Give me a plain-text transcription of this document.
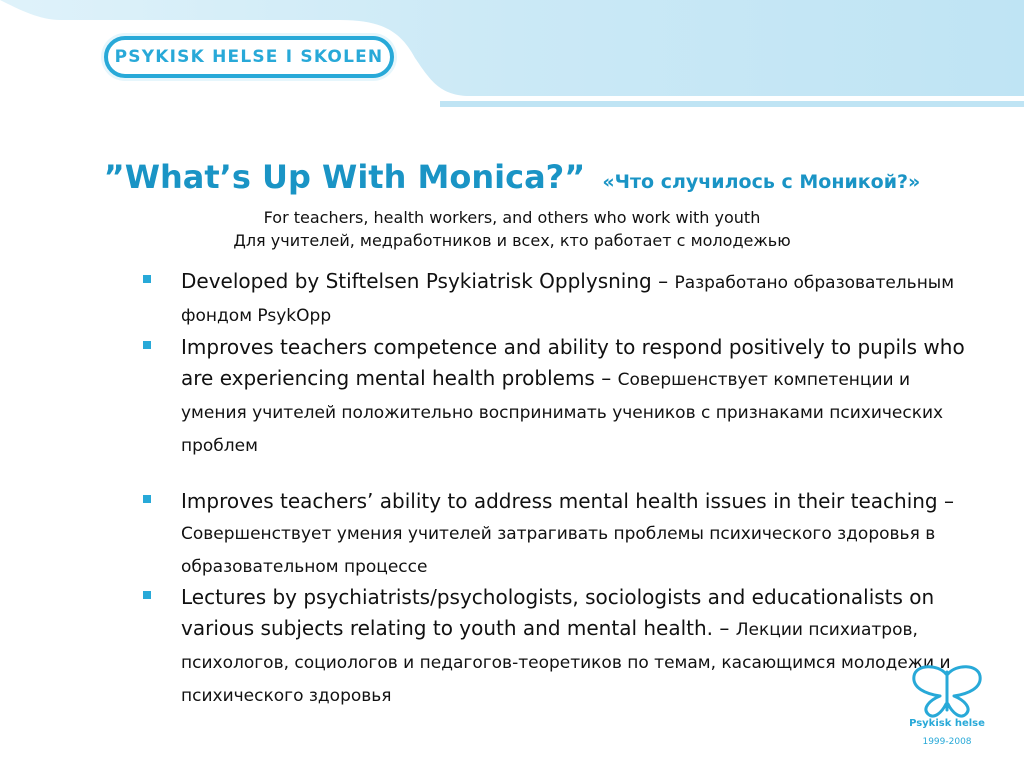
PSYKISK HELSE I SKOLEN
”What’s Up With Monica?” «Что случилось с Моникой?»
For teachers, health workers, and others who work with youth
Для учителей, медработников и всех, кто работает с молодежью
Developed by Stiftelsen Psykiatrisk Opplysning – Разработано образовательным фондом PsykOpp
Improves teachers competence and ability to respond positively to pupils who are experiencing mental health problems – Совершенствует компетенции и умения учителей положительно воспринимать учеников с признаками психических проблем
Improves teachers’ ability to address mental health issues in their teaching – Совершенствует умения учителей затрагивать проблемы психического здоровья в образовательном процессе
Lectures by psychiatrists/psychologists, sociologists and educationalists on various subjects relating to youth and mental health. – Лекции психиатров, психологов, социологов и педагогов-теоретиков по темам, касающимся молодежи и психического здоровья
Psykisk helse
1999-2008
